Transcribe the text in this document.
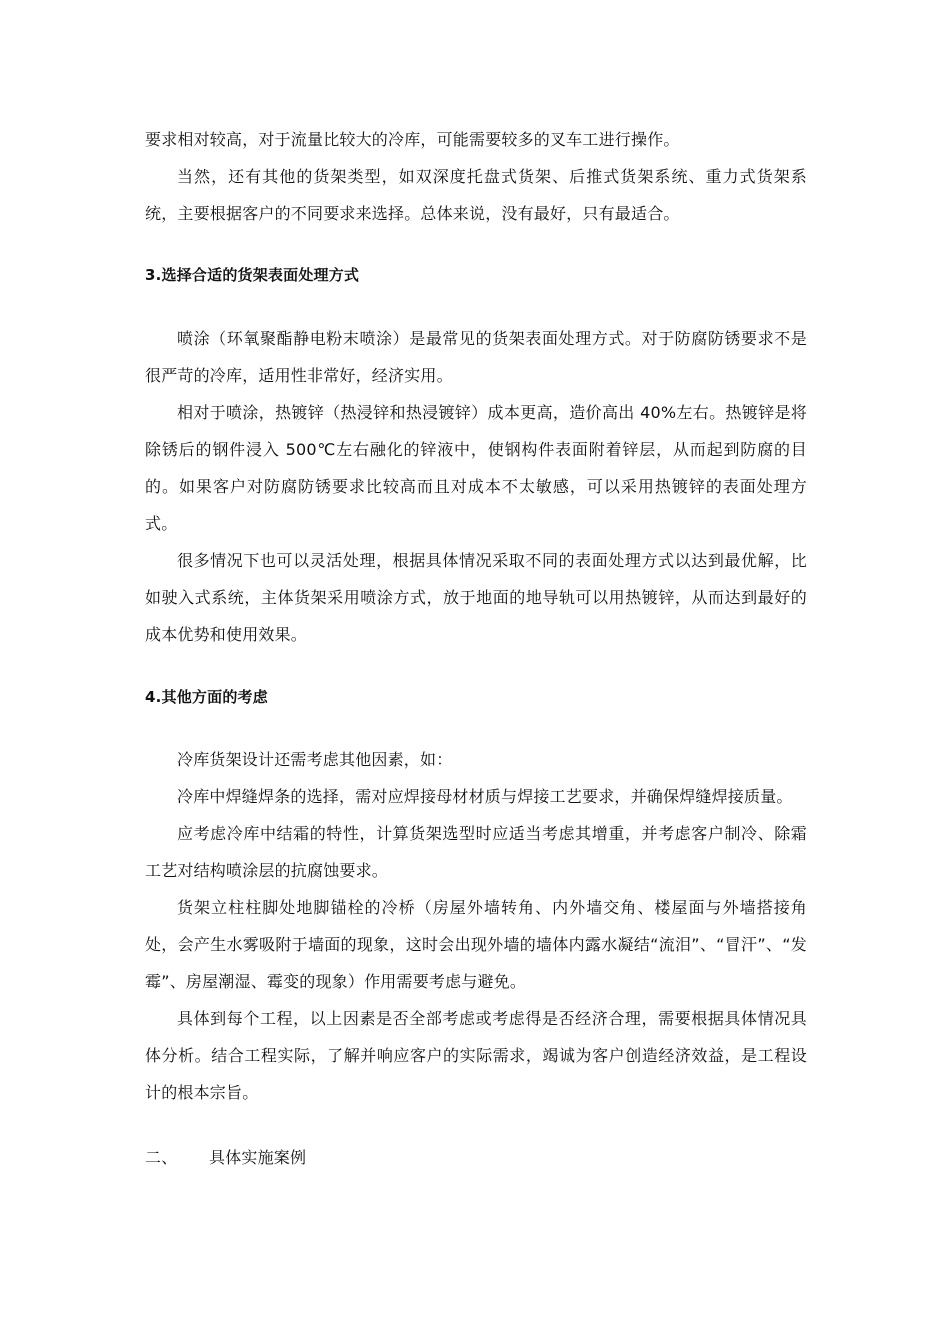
要求相对较高，对于流量比较大的冷库，可能需要较多的叉车工进行操作。

当然，还有其他的货架类型，如双深度托盘式货架、后推式货架系统、重力式货架系统，主要根据客户的不同要求来选择。总体来说，没有最好，只有最适合。

3.选择合适的货架表面处理方式

喷涂（环氧聚酯静电粉末喷涂）是最常见的货架表面处理方式。对于防腐防锈要求不是很严苛的冷库，适用性非常好，经济实用。

相对于喷涂，热镀锌（热浸锌和热浸镀锌）成本更高，造价高出 40%左右。热镀锌是将除锈后的钢件浸入 500℃左右融化的锌液中，使钢构件表面附着锌层，从而起到防腐的目的。如果客户对防腐防锈要求比较高而且对成本不太敏感，可以采用热镀锌的表面处理方式。

很多情况下也可以灵活处理，根据具体情况采取不同的表面处理方式以达到最优解，比如驶入式系统，主体货架采用喷涂方式，放于地面的地导轨可以用热镀锌，从而达到最好的成本优势和使用效果。

4.其他方面的考虑

冷库货架设计还需考虑其他因素，如：

冷库中焊缝焊条的选择，需对应焊接母材材质与焊接工艺要求，并确保焊缝焊接质量。

应考虑冷库中结霜的特性，计算货架选型时应适当考虑其增重，并考虑客户制冷、除霜工艺对结构喷涂层的抗腐蚀要求。

货架立柱柱脚处地脚锚栓的冷桥（房屋外墙转角、内外墙交角、楼屋面与外墙搭接角处，会产生水雾吸附于墙面的现象，这时会出现外墙的墙体内露水凝结“流泪”、“冒汗”、“发霉”、房屋潮湿、霉变的现象）作用需要考虑与避免。

具体到每个工程，以上因素是否全部考虑或考虑得是否经济合理，需要根据具体情况具体分析。结合工程实际，了解并响应客户的实际需求，竭诚为客户创造经济效益，是工程设计的根本宗旨。

二、	具体实施案例
